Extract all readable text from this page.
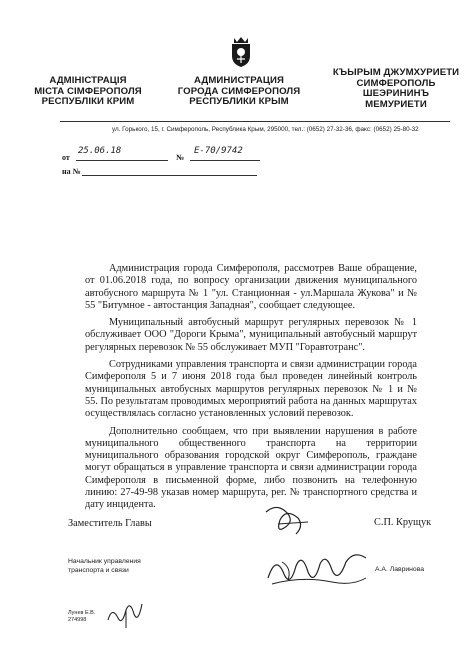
АДМІНІСТРАЦІЯ
МІСТА СІМФЕРОПОЛЯ
РЕСПУБЛІКИ КРИМ
АДМИНИСТРАЦИЯ
ГОРОДА СИМФЕРОПОЛЯ
РЕСПУБЛИКИ КРЫМ
КЪЫРЫМ ДЖУМХУРИЕТИ
СИМФЕРОПОЛЬ
ШЕЭРИНИНЪ
МЕМУРИЕТИ
ул. Горького, 15, г. Симферополь, Республика Крым, 295000, тел.: (0652) 27-32-36, факс: (0652) 25-80-32
от
25.06.18
№
Е-70/9742
на №

Администрация города Симферополя, рассмотрев Ваше обращение, от 01.06.2018 года, по вопросу организации движения муниципального автобусного маршрута № 1 "ул. Станционная - ул.Маршала Жукова" и № 55 "Битумное - автостанция Западная", сообщает следующее.

Муниципальный автобусный маршрут регулярных перевозок № 1 обслуживает ООО "Дороги Крыма", муниципальный автобусный маршрут регулярных перевозок № 55 обслуживает МУП "Горавтотранс".

Сотрудниками управления транспорта и связи администрации города Симферополя 5 и 7 июня 2018 года был проведен линейный контроль муниципальных автобусных маршрутов регулярных перевозок № 1 и № 55. По результатам проводимых мероприятий работа на данных маршрутах осуществлялась согласно установленных условий перевозок.

Дополнительно сообщаем, что при выявлении нарушения в работе муниципального общественного транспорта на территории муниципального образования городской округ Симферополь, граждане могут обращаться в управление транспорта и связи администрации города Симферополя в письменной форме, либо позвонить на телефонную линию: 27-49-98 указав номер маршрута, рег. № транспортного средства и дату инцидента.

Заместитель Главы	С.П. Крущук
Начальник управления
транспорта и связи	А.А. Лавринова
Лунев Е.В.
274998
